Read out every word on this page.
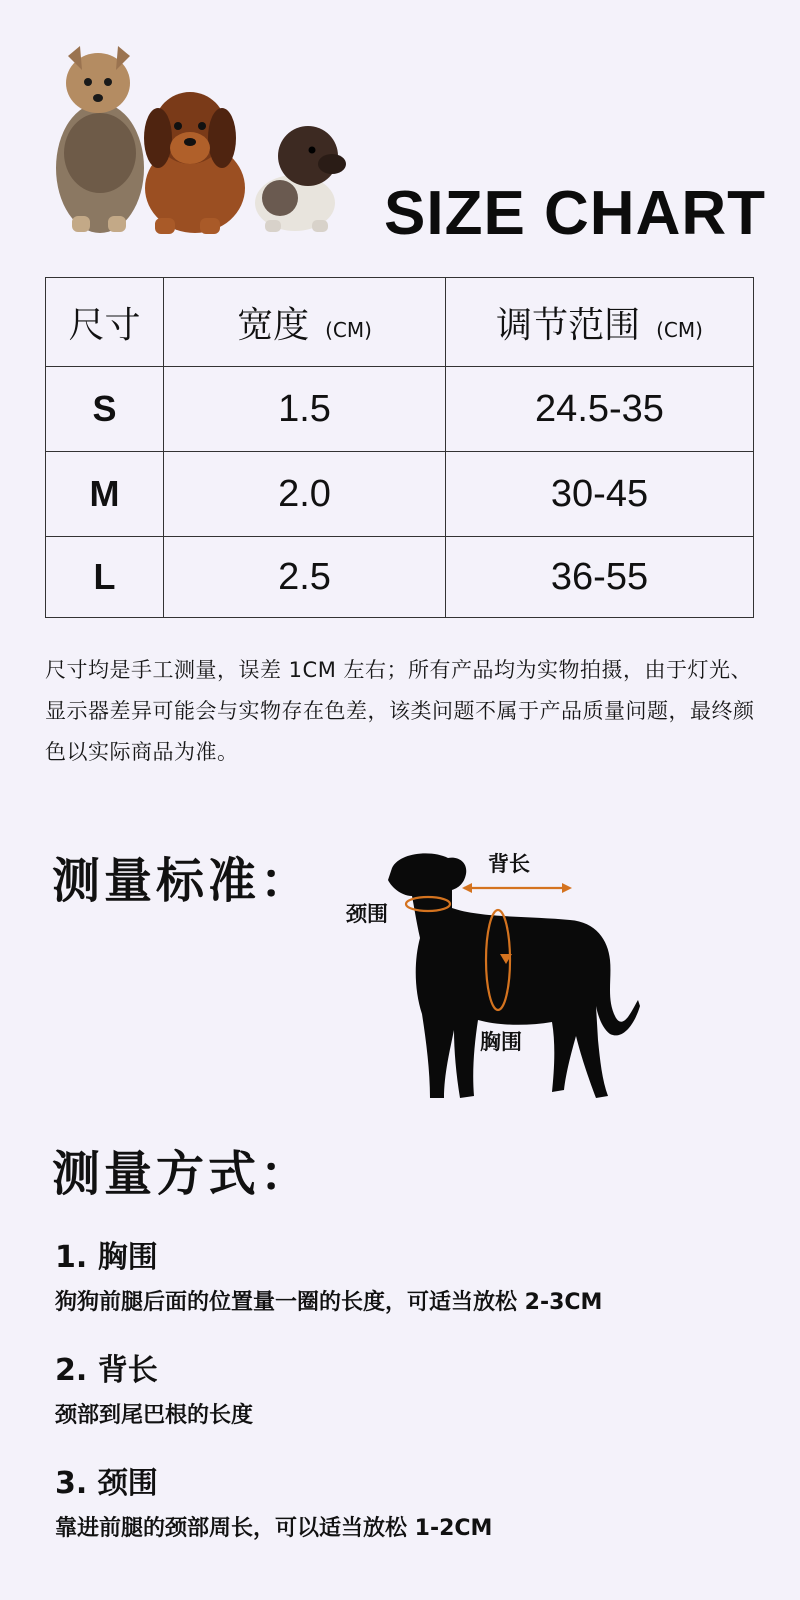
SIZE CHART
尺寸	宽度 (CM)	调节范围 (CM)
S	1.5	24.5-35
M	2.0	30-45
L	2.5	36-55
尺寸均是手工测量，误差 1CM 左右；所有产品均为实物拍摄，由于灯光、 显示器差异可能会与实物存在色差，该类问题不属于产品质量问题，最终颜色以实际商品为准。
测量标准：	背长
颈围
胸围
测量方式：
1. 胸围
狗狗前腿后面的位置量一圈的长度，可适当放松 2-3CM
2. 背长
颈部到尾巴根的长度
3. 颈围
靠进前腿的颈部周长，可以适当放松 1-2CM
